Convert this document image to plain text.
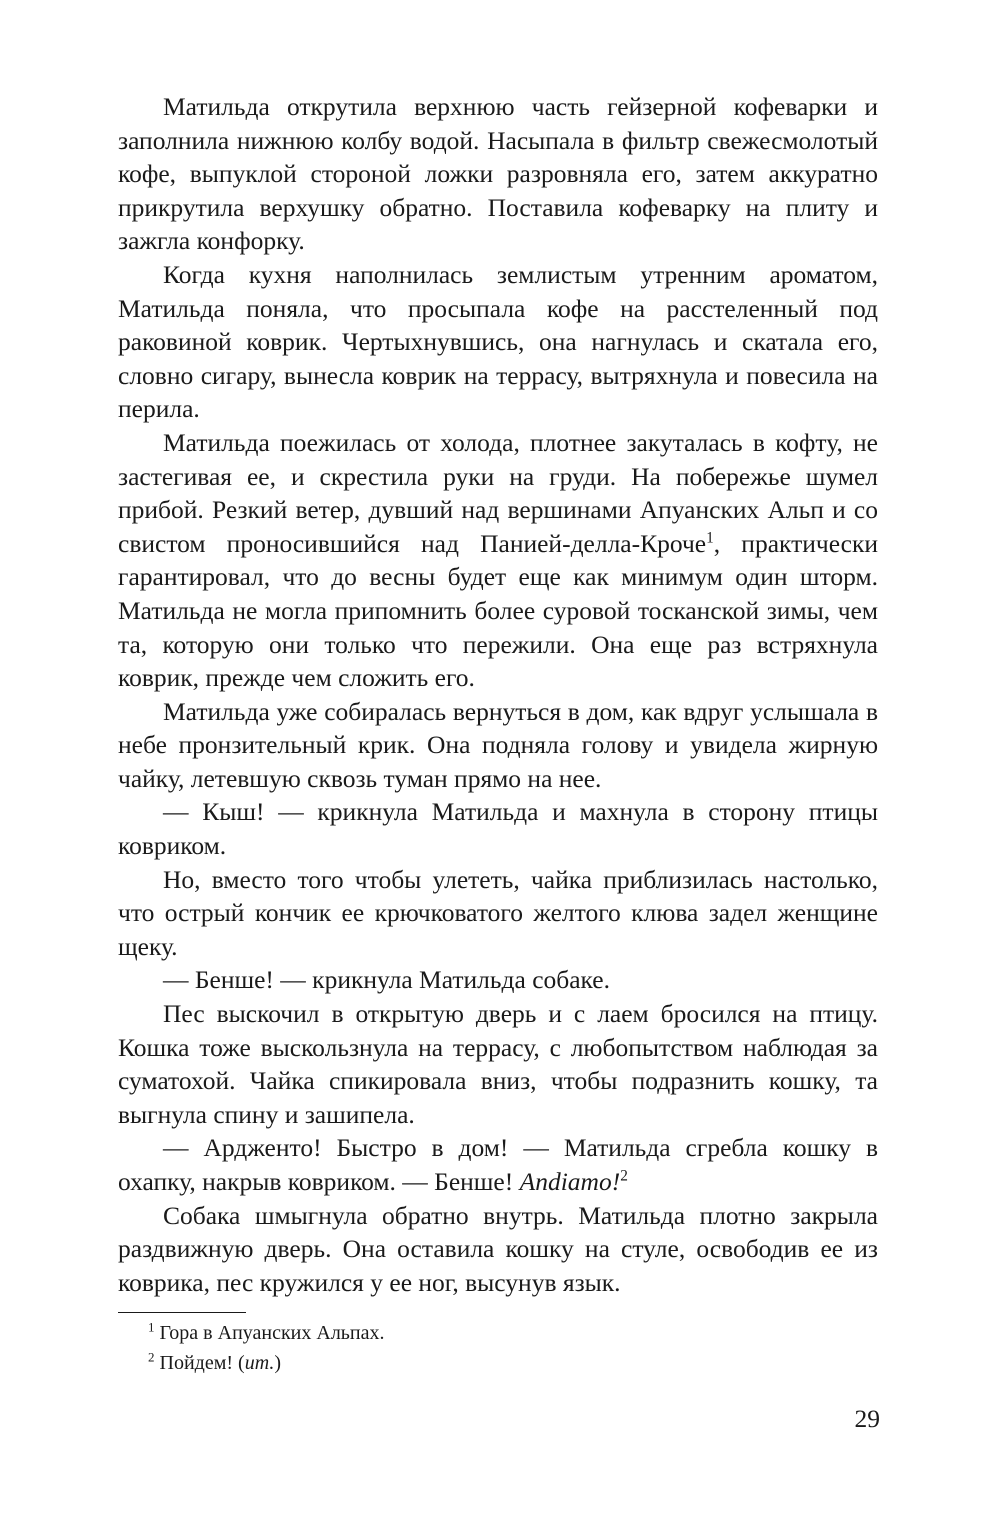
Матильда открутила верхнюю часть гейзерной кофеварки и заполнила нижнюю колбу водой. Насыпала в фильтр свежесмолотый кофе, выпуклой стороной ложки разровняла его, затем аккуратно прикрутила верхушку обратно. Поставила кофеварку на плиту и зажгла конфорку.

Когда кухня наполнилась землистым утренним ароматом, Матильда поняла, что просыпала кофе на расстеленный под раковиной коврик. Чертыхнувшись, она нагнулась и скатала его, словно сигару, вынесла коврик на террасу, вытряхнула и повесила на перила.

Матильда поежилась от холода, плотнее закуталась в кофту, не застегивая ее, и скрестила руки на груди. На побережье шумел прибой. Резкий ветер, дувший над вершинами Апуанских Альп и со свистом проносившийся над Панией-делла-Кроче$^1$, практически гарантировал, что до весны будет еще как минимум один шторм. Матильда не могла припомнить более суровой тосканской зимы, чем та, которую они только что пережили. Она еще раз встряхнула коврик, прежде чем сложить его.

Матильда уже собиралась вернуться в дом, как вдруг услышала в небе пронзительный крик. Она подняла голову и увидела жирную чайку, летевшую сквозь туман прямо на нее.

— Кыш! — крикнула Матильда и махнула в сторону птицы ковриком.

Но, вместо того чтобы улететь, чайка приблизилась настолько, что острый кончик ее крючковатого желтого клюва задел женщине щеку.

— Бенше! — крикнула Матильда собаке.

Пес выскочил в открытую дверь и с лаем бросился на птицу. Кошка тоже выскользнула на террасу, с любопытством наблюдая за суматохой. Чайка спикировала вниз, чтобы подразнить кошку, та выгнула спину и зашипела.

— Ардженто! Быстро в дом! — Матильда сгребла кошку в охапку, накрыв ковриком. — Бенше! Andiamo!$^2$

Собака шмыгнула обратно внутрь. Матильда плотно закрыла раздвижную дверь. Она оставила кошку на стуле, освободив ее из коврика, пес кружился у ее ног, высунув язык.

$^1$ Гора в Апуанских Альпах.

$^2$ Пойдем! (ит.)

29
